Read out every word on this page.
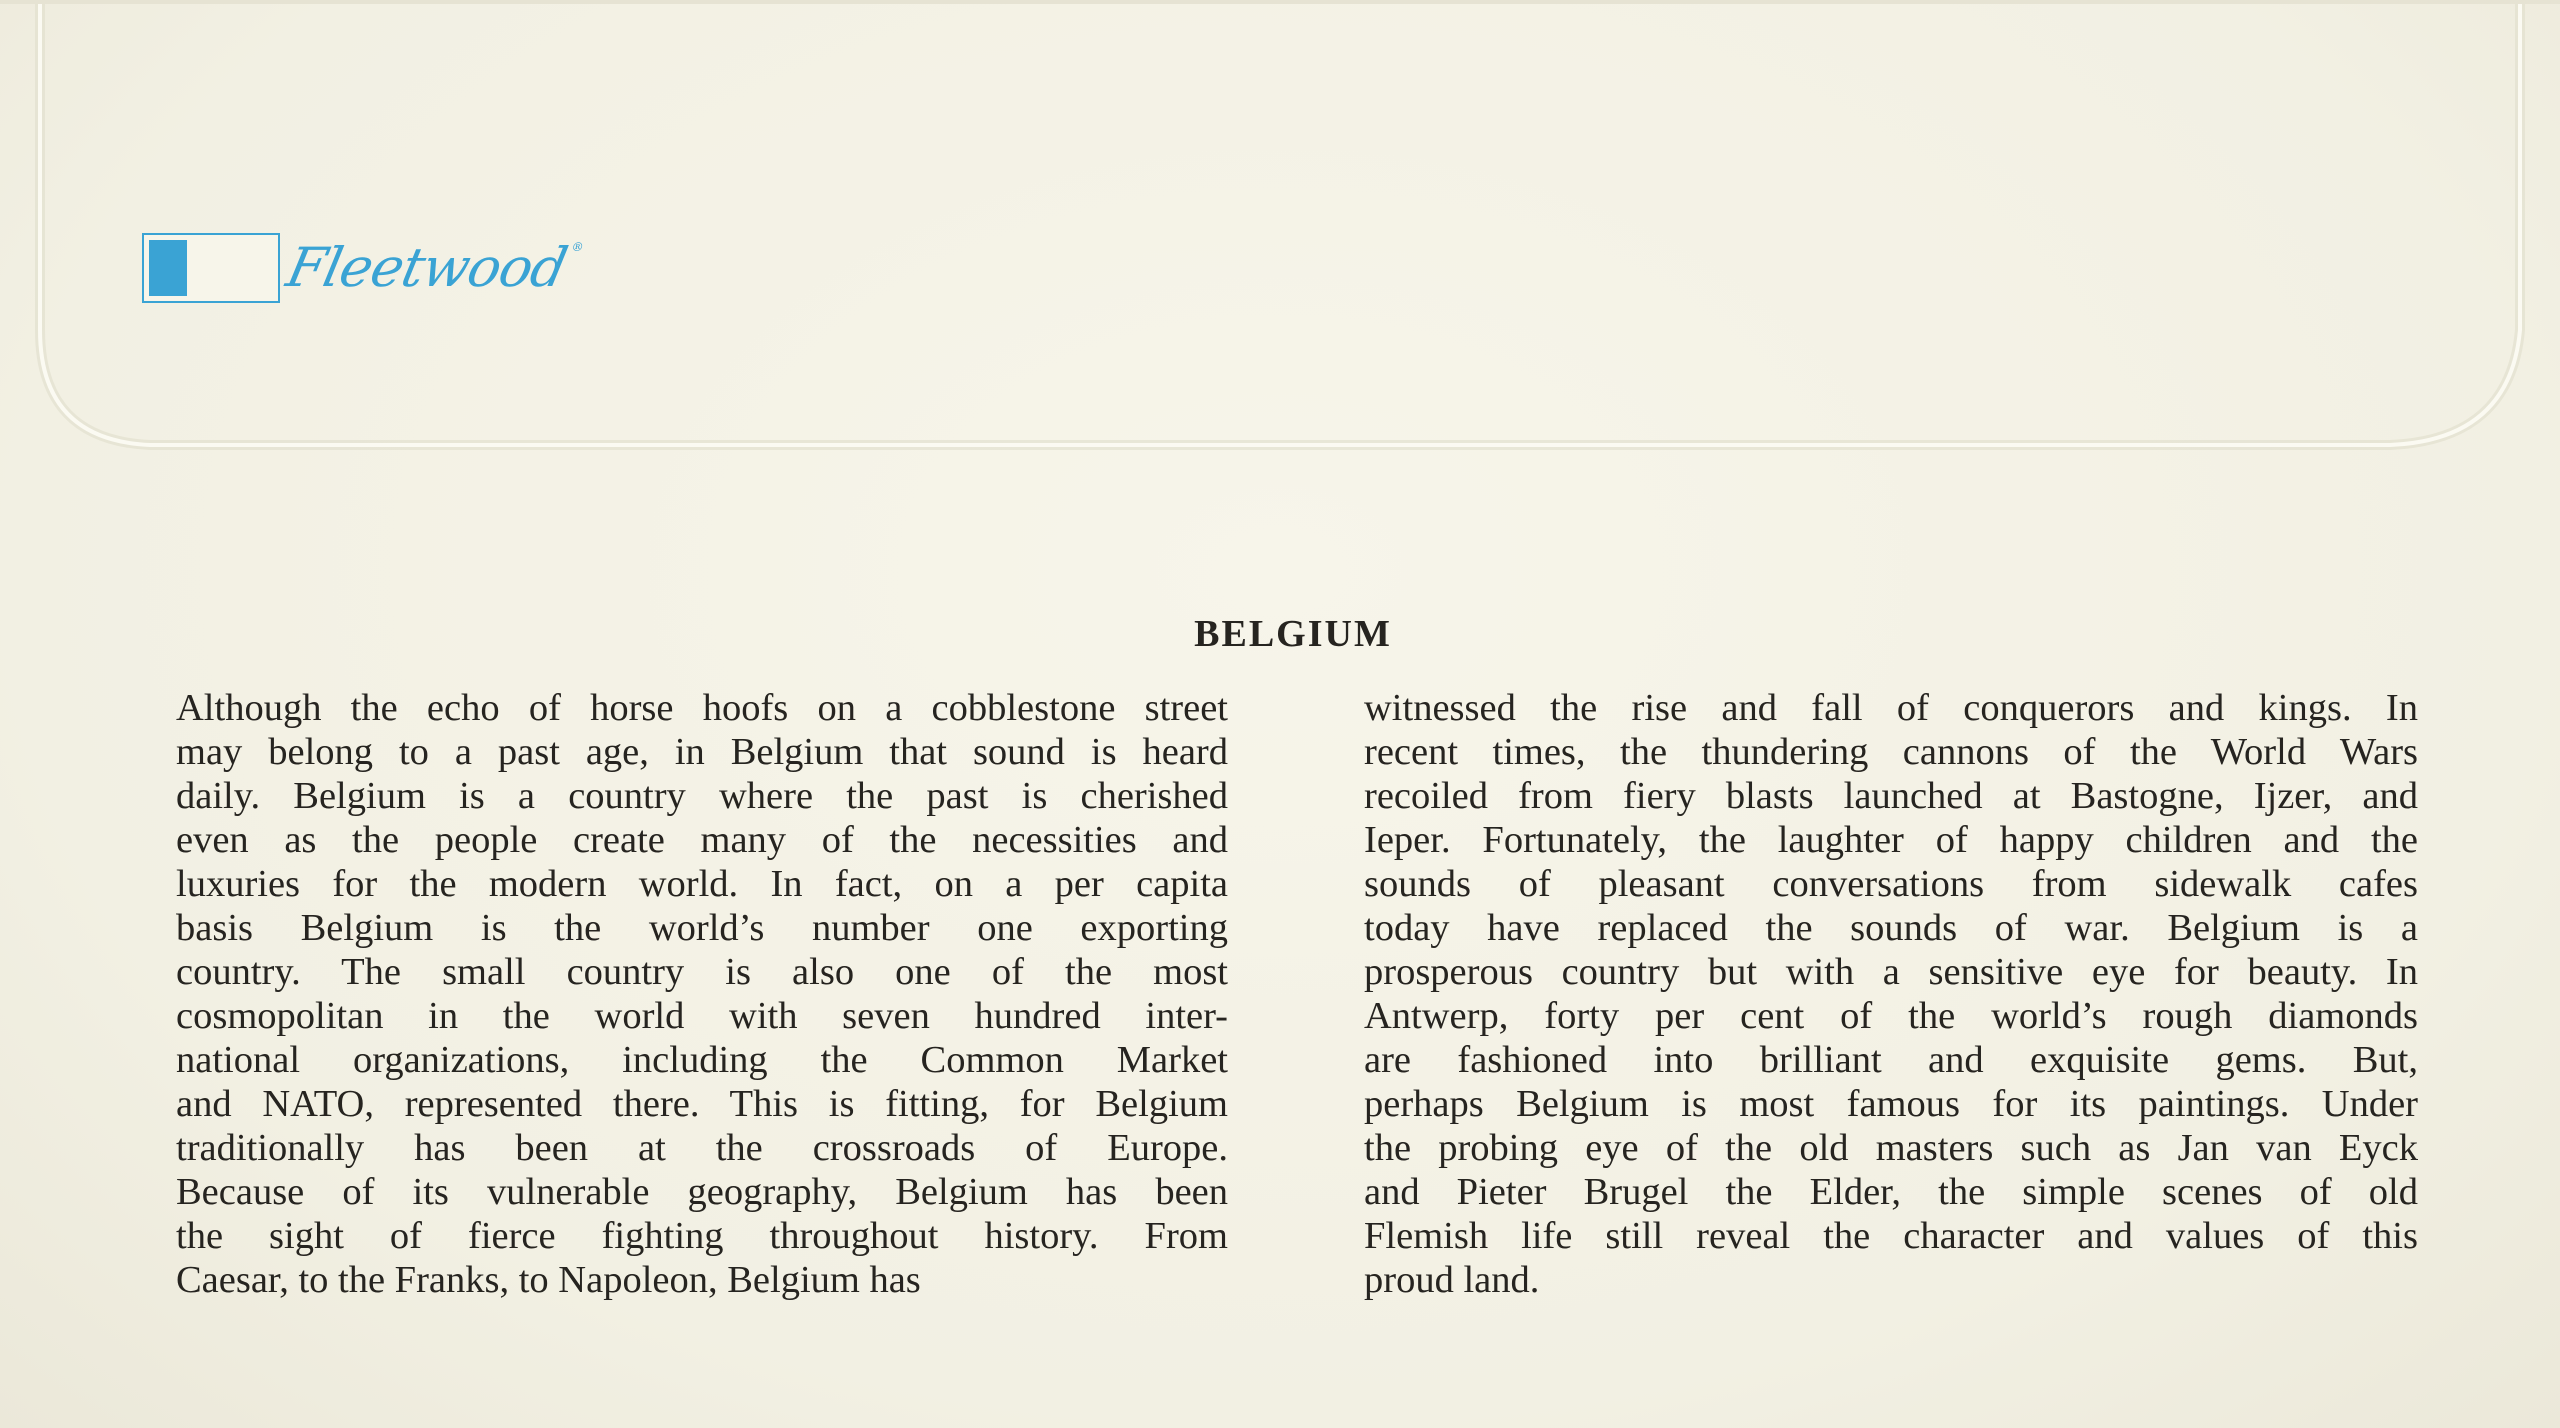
Fleetwood®
BELGIUM
Although the echo of horse hoofs on a cobblestone street
may belong to a past age, in Belgium that sound is heard
daily. Belgium is a country where the past is cherished
even as the people create many of the necessities and
luxuries for the modern world. In fact, on a per capita
basis Belgium is the world’s number one exporting
country. The small country is also one of the most
cosmopolitan in the world with seven hundred inter-
national organizations, including the Common Market
and NATO, represented there. This is fitting, for Belgium
traditionally has been at the crossroads of Europe.
Because of its vulnerable geography, Belgium has been
the sight of fierce fighting throughout history. From
Caesar, to the Franks, to Napoleon, Belgium has
witnessed the rise and fall of conquerors and kings. In
recent times, the thundering cannons of the World Wars
recoiled from fiery blasts launched at Bastogne, Ijzer, and
Ieper. Fortunately, the laughter of happy children and the
sounds of pleasant conversations from sidewalk cafes
today have replaced the sounds of war. Belgium is a
prosperous country but with a sensitive eye for beauty. In
Antwerp, forty per cent of the world’s rough diamonds
are fashioned into brilliant and exquisite gems. But,
perhaps Belgium is most famous for its paintings. Under
the probing eye of the old masters such as Jan van Eyck
and Pieter Brugel the Elder, the simple scenes of old
Flemish life still reveal the character and values of this
proud land.
